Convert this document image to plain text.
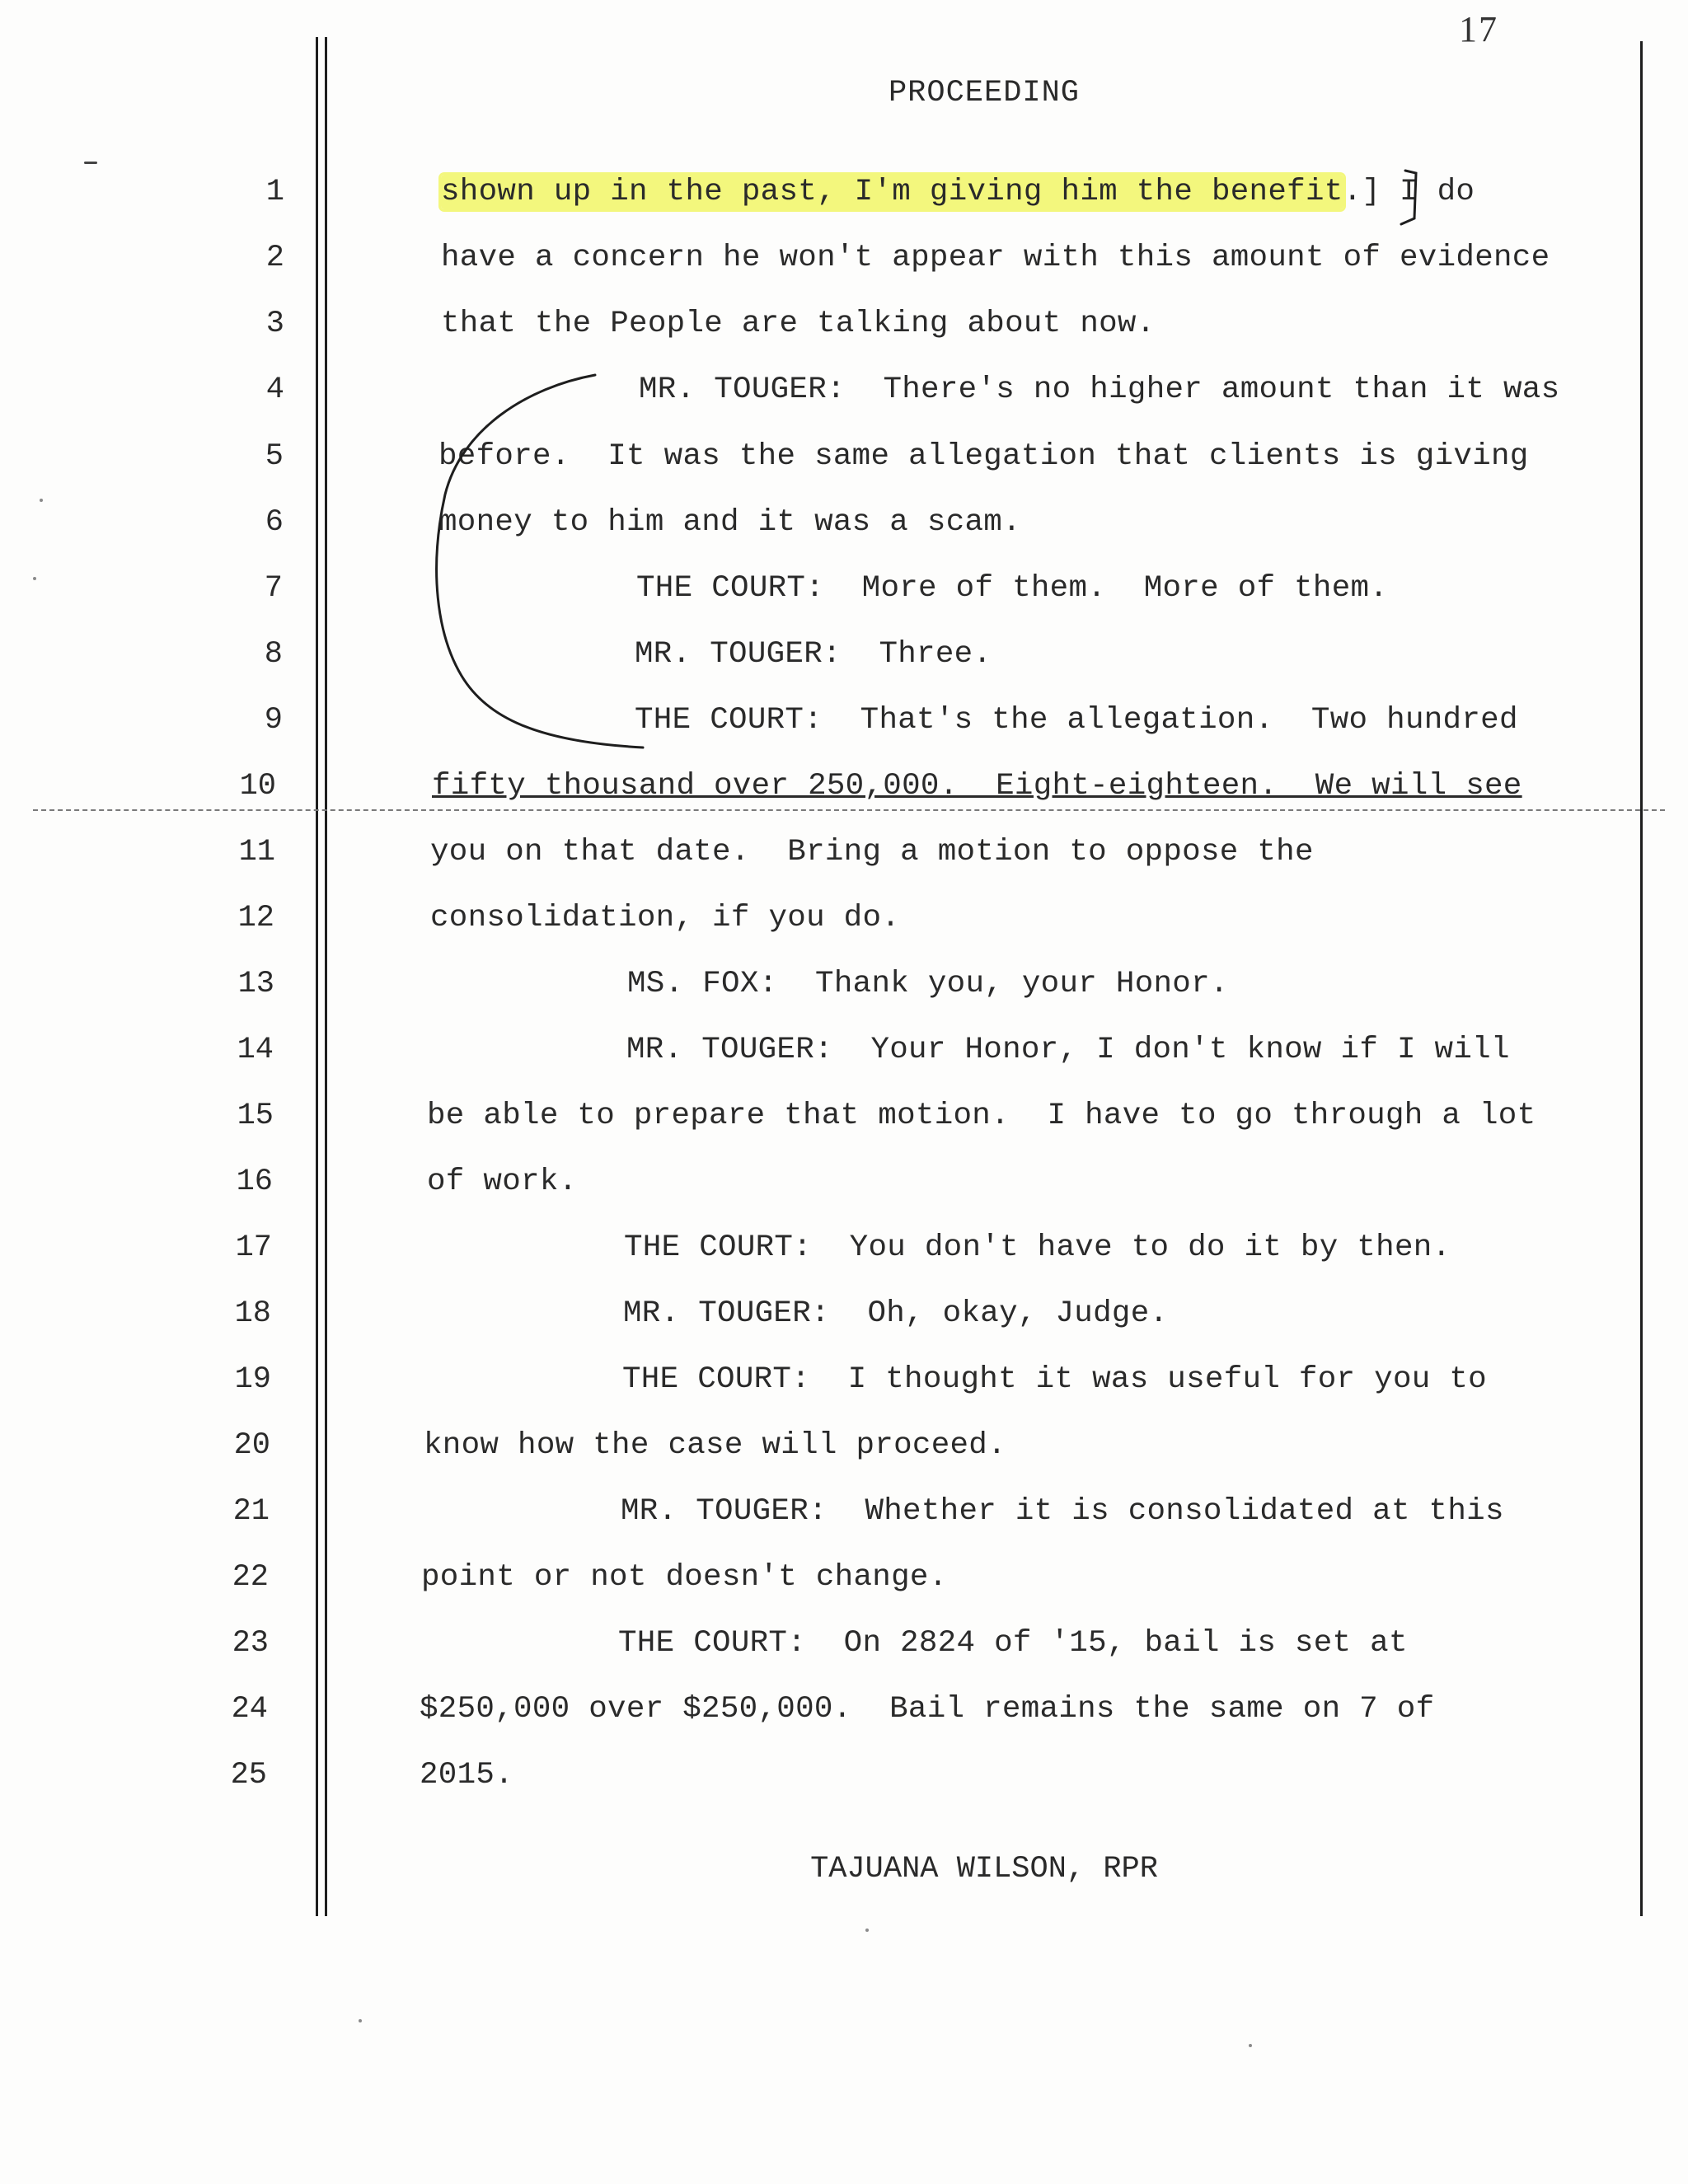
17
PROCEEDING
1
2
3
4
5
6
7
8
9
10
11
12
13
14
15
16
17
18
19
20
21
22
23
24
25
shown up in the past, I'm giving him the benefit.] I do
have a concern he won't appear with this amount of evidence
that the People are talking about now.
MR. TOUGER:  There's no higher amount than it was
before.  It was the same allegation that clients is giving
money to him and it was a scam.
THE COURT:  More of them.  More of them.
MR. TOUGER:  Three.
THE COURT:  That's the allegation.  Two hundred
fifty thousand over 250,000.  Eight-eighteen.  We will see
you on that date.  Bring a motion to oppose the
consolidation, if you do.
MS. FOX:  Thank you, your Honor.
MR. TOUGER:  Your Honor, I don't know if I will
be able to prepare that motion.  I have to go through a lot
of work.
THE COURT:  You don't have to do it by then.
MR. TOUGER:  Oh, okay, Judge.
THE COURT:  I thought it was useful for you to
know how the case will proceed.
MR. TOUGER:  Whether it is consolidated at this
point or not doesn't change.
THE COURT:  On 2824 of '15, bail is set at
$250,000 over $250,000.  Bail remains the same on 7 of
2015.
TAJUANA WILSON, RPR
